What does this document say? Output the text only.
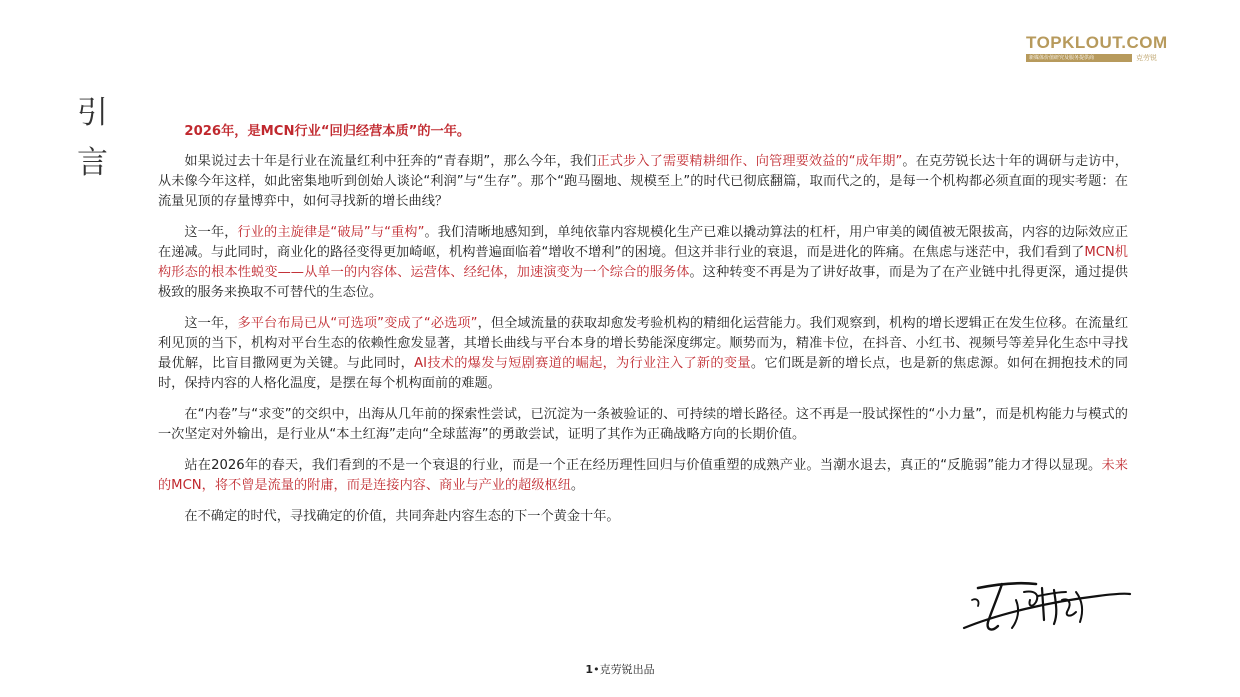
TOPKLOUT.COM
新媒体价值研究及服务提供商	克劳锐
引
言

2026年，是MCN行业“回归经营本质”的一年。

如果说过去十年是行业在流量红利中狂奔的“青春期”，那么今年，我们正式步入了需要精耕细作、向管理要效益的“成年期”。在克劳锐长达十年的调研与走访中，从未像今年这样，如此密集地听到创始人谈论“利润”与“生存”。那个“跑马圈地、规模至上”的时代已彻底翻篇，取而代之的，是每一个机构都必须直面的现实考题：在流量见顶的存量博弈中，如何寻找新的增长曲线？

这一年，行业的主旋律是“破局”与“重构”。我们清晰地感知到，单纯依靠内容规模化生产已难以撬动算法的杠杆，用户审美的阈值被无限拔高，内容的边际效应正在递减。与此同时，商业化的路径变得更加崎岖，机构普遍面临着“增收不增利”的困境。但这并非行业的衰退，而是进化的阵痛。在焦虑与迷茫中，我们看到了MCN机构形态的根本性蜕变——从单一的内容体、运营体、经纪体，加速演变为一个综合的服务体。这种转变不再是为了讲好故事，而是为了在产业链中扎得更深，通过提供极致的服务来换取不可替代的生态位。

这一年，多平台布局已从“可选项”变成了“必选项”，但全域流量的获取却愈发考验机构的精细化运营能力。我们观察到，机构的增长逻辑正在发生位移。在流量红利见顶的当下，机构对平台生态的依赖性愈发显著，其增长曲线与平台本身的增长势能深度绑定。顺势而为，精准卡位，在抖音、小红书、视频号等差异化生态中寻找最优解，比盲目撒网更为关键。与此同时，AI技术的爆发与短剧赛道的崛起，为行业注入了新的变量。它们既是新的增长点，也是新的焦虑源。如何在拥抱技术的同时，保持内容的人格化温度，是摆在每个机构面前的难题。

在“内卷”与“求变”的交织中，出海从几年前的探索性尝试，已沉淀为一条被验证的、可持续的增长路径。这不再是一股试探性的“小力量”，而是机构能力与模式的一次坚定对外输出，是行业从“本土红海”走向“全球蓝海”的勇敢尝试，证明了其作为正确战略方向的长期价值。

站在2026年的春天，我们看到的不是一个衰退的行业，而是一个正在经历理性回归与价值重塑的成熟产业。当潮水退去，真正的“反脆弱”能力才得以显现。未来的MCN，将不曾是流量的附庸，而是连接内容、商业与产业的超级枢纽。

在不确定的时代，寻找确定的价值，共同奔赴内容生态的下一个黄金十年。

1•克劳锐出品
